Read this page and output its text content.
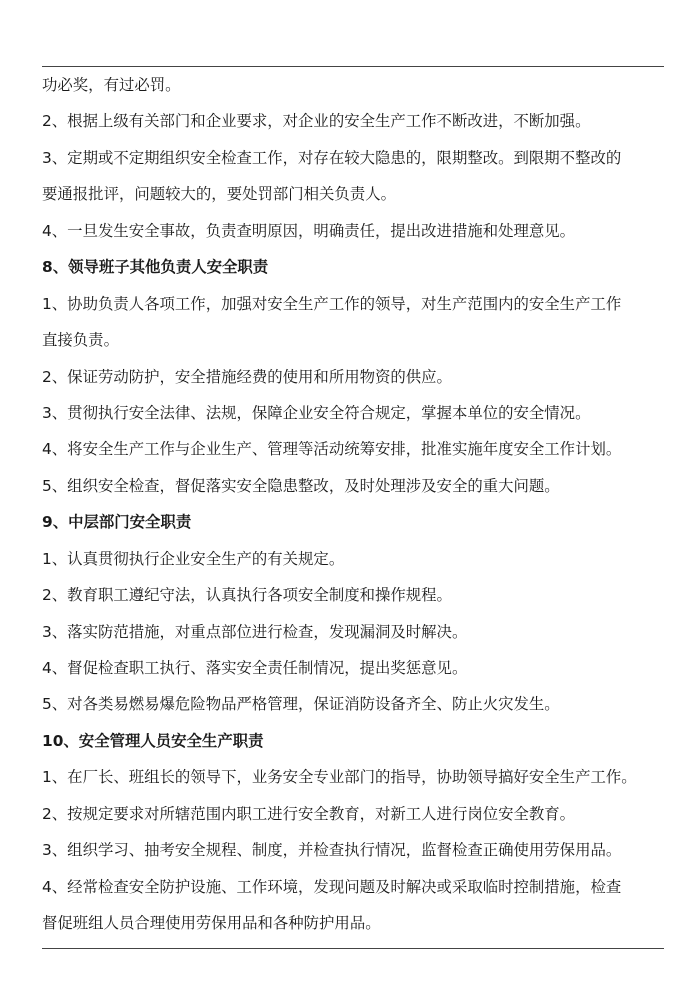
功必奖，有过必罚。
2、根据上级有关部门和企业要求，对企业的安全生产工作不断改进，不断加强。
3、定期或不定期组织安全检查工作，对存在较大隐患的，限期整改。到限期不整改的
要通报批评，问题较大的，要处罚部门相关负责人。
4、一旦发生安全事故，负责查明原因，明确责任，提出改进措施和处理意见。
8、领导班子其他负责人安全职责
1、协助负责人各项工作，加强对安全生产工作的领导，对生产范围内的安全生产工作
直接负责。
2、保证劳动防护，安全措施经费的使用和所用物资的供应。
3、贯彻执行安全法律、法规，保障企业安全符合规定，掌握本单位的安全情况。
4、将安全生产工作与企业生产、管理等活动统筹安排，批准实施年度安全工作计划。
5、组织安全检查，督促落实安全隐患整改，及时处理涉及安全的重大问题。
9、中层部门安全职责
1、认真贯彻执行企业安全生产的有关规定。
2、教育职工遵纪守法，认真执行各项安全制度和操作规程。
3、落实防范措施，对重点部位进行检查，发现漏洞及时解决。
4、督促检查职工执行、落实安全责任制情况，提出奖惩意见。
5、对各类易燃易爆危险物品严格管理，保证消防设备齐全、防止火灾发生。
10、安全管理人员安全生产职责
1、在厂长、班组长的领导下，业务安全专业部门的指导，协助领导搞好安全生产工作。
2、按规定要求对所辖范围内职工进行安全教育，对新工人进行岗位安全教育。
3、组织学习、抽考安全规程、制度，并检查执行情况，监督检查正确使用劳保用品。
4、经常检查安全防护设施、工作环境，发现问题及时解决或采取临时控制措施，检查
督促班组人员合理使用劳保用品和各种防护用品。
